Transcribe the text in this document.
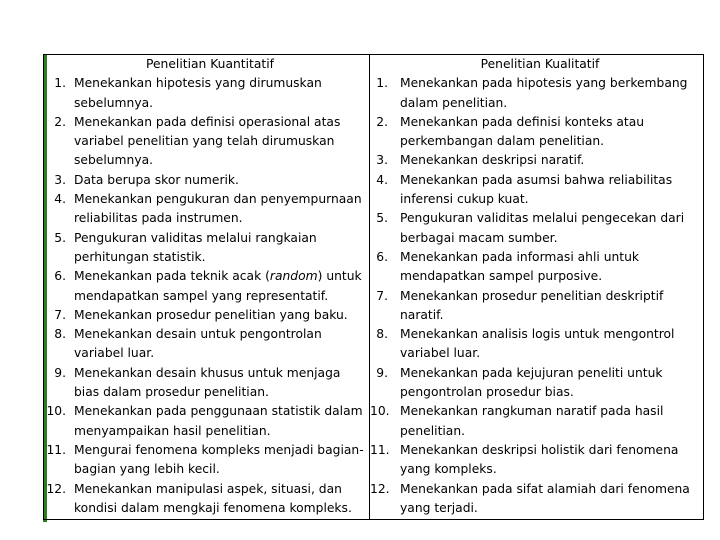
Penelitian Kuantitatif
1. Menekankan hipotesis yang dirumuskan sebelumnya.
2. Menekankan pada definisi operasional atas variabel penelitian yang telah dirumuskan sebelumnya.
3. Data berupa skor numerik.
4. Menekankan pengukuran dan penyempurnaan reliabilitas pada instrumen.
5. Pengukuran validitas melalui rangkaian perhitungan statistik.
6. Menekankan pada teknik acak (random) untuk mendapatkan sampel yang representatif.
7. Menekankan prosedur penelitian yang baku.
8. Menekankan desain untuk pengontrolan variabel luar.
9. Menekankan desain khusus untuk menjaga bias dalam prosedur penelitian.
10. Menekankan pada penggunaan statistik dalam menyampaikan hasil penelitian.
11. Mengurai fenomena kompleks menjadi bagian-bagian yang lebih kecil.
12. Menekankan manipulasi aspek, situasi, dan kondisi dalam mengkaji fenomena kompleks.
Penelitian Kualitatif
1. Menekankan pada hipotesis yang berkembang dalam penelitian.
2. Menekankan pada definisi konteks atau perkembangan dalam penelitian.
3. Menekankan deskripsi naratif.
4. Menekankan pada asumsi bahwa reliabilitas inferensi cukup kuat.
5. Pengukuran validitas melalui pengecekan dari berbagai macam sumber.
6. Menekankan pada informasi ahli untuk mendapatkan sampel purposive.
7. Menekankan prosedur penelitian deskriptif naratif.
8. Menekankan analisis logis untuk mengontrol variabel luar.
9. Menekankan pada kejujuran peneliti untuk pengontrolan prosedur bias.
10. Menekankan rangkuman naratif pada hasil penelitian.
11. Menekankan deskripsi holistik dari fenomena yang kompleks.
12. Menekankan pada sifat alamiah dari fenomena yang terjadi.
